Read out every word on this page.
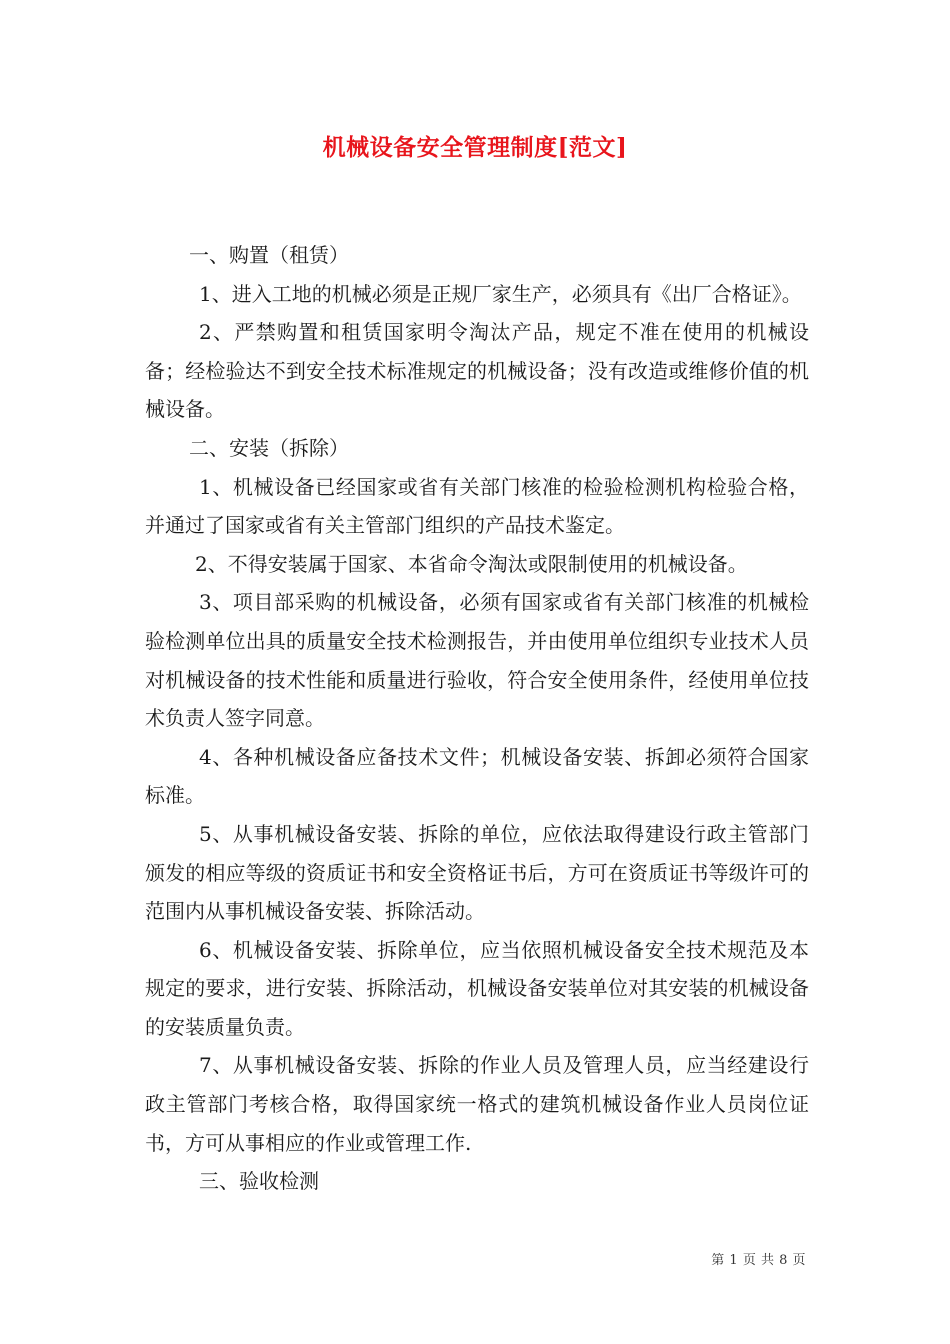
机械设备安全管理制度[范文]

一、购置（租赁）

1、进入工地的机械必须是正规厂家生产，必须具有《出厂合格证》。

2、严禁购置和租赁国家明令淘汰产品，规定不准在使用的机械设备；经检验达不到安全技术标准规定的机械设备；没有改造或维修价值的机械设备。

二、安装（拆除）

1、机械设备已经国家或省有关部门核准的检验检测机构检验合格，并通过了国家或省有关主管部门组织的产品技术鉴定。

2、不得安装属于国家、本省命令淘汰或限制使用的机械设备。

3、项目部采购的机械设备，必须有国家或省有关部门核准的机械检验检测单位出具的质量安全技术检测报告，并由使用单位组织专业技术人员对机械设备的技术性能和质量进行验收，符合安全使用条件，经使用单位技术负责人签字同意。

4、各种机械设备应备技术文件；机械设备安装、拆卸必须符合国家标准。

5、从事机械设备安装、拆除的单位，应依法取得建设行政主管部门颁发的相应等级的资质证书和安全资格证书后，方可在资质证书等级许可的范围内从事机械设备安装、拆除活动。

6、机械设备安装、拆除单位，应当依照机械设备安全技术规范及本规定的要求，进行安装、拆除活动，机械设备安装单位对其安装的机械设备的安装质量负责。

7、从事机械设备安装、拆除的作业人员及管理人员，应当经建设行政主管部门考核合格，取得国家统一格式的建筑机械设备作业人员岗位证书，方可从事相应的作业或管理工作.

三、验收检测

第 1 页 共 8 页
